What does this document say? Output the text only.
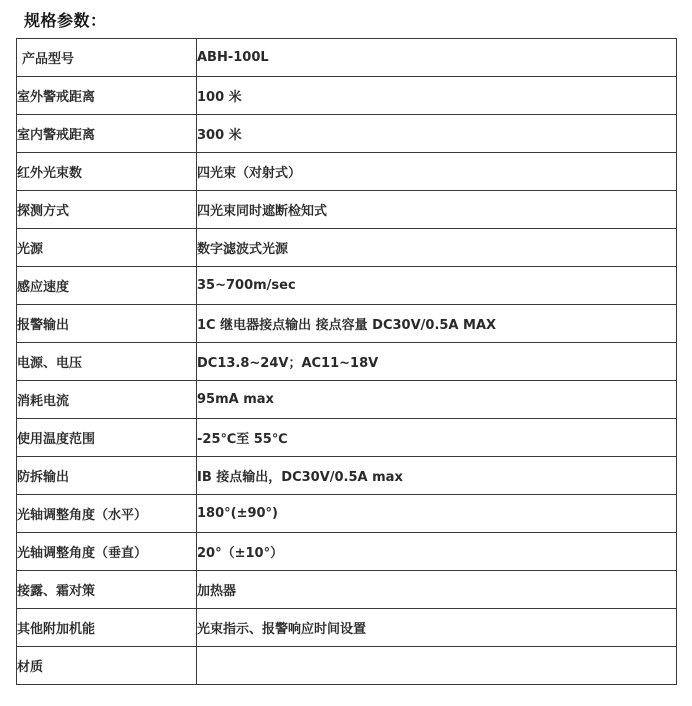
规格参数：
产品型号	ABH-100L
室外警戒距离	100 米
室内警戒距离	300 米
红外光束数	四光束（对射式）
探测方式	四光束同时遮断检知式
光源	数字滤波式光源
感应速度	35~700m/sec
报警输出	1C 继电器接点输出 接点容量 DC30V/0.5A MAX
电源、电压	DC13.8~24V；AC11~18V
消耗电流	95mA max
使用温度范围	-25℃至 55℃
防拆输出	IB 接点输出，DC30V/0.5A max
光轴调整角度（水平）	180°(±90°)
光轴调整角度（垂直）	20°（±10°）
接露、霜对策	加热器
其他附加机能	光束指示、报警响应时间设置
材质	
